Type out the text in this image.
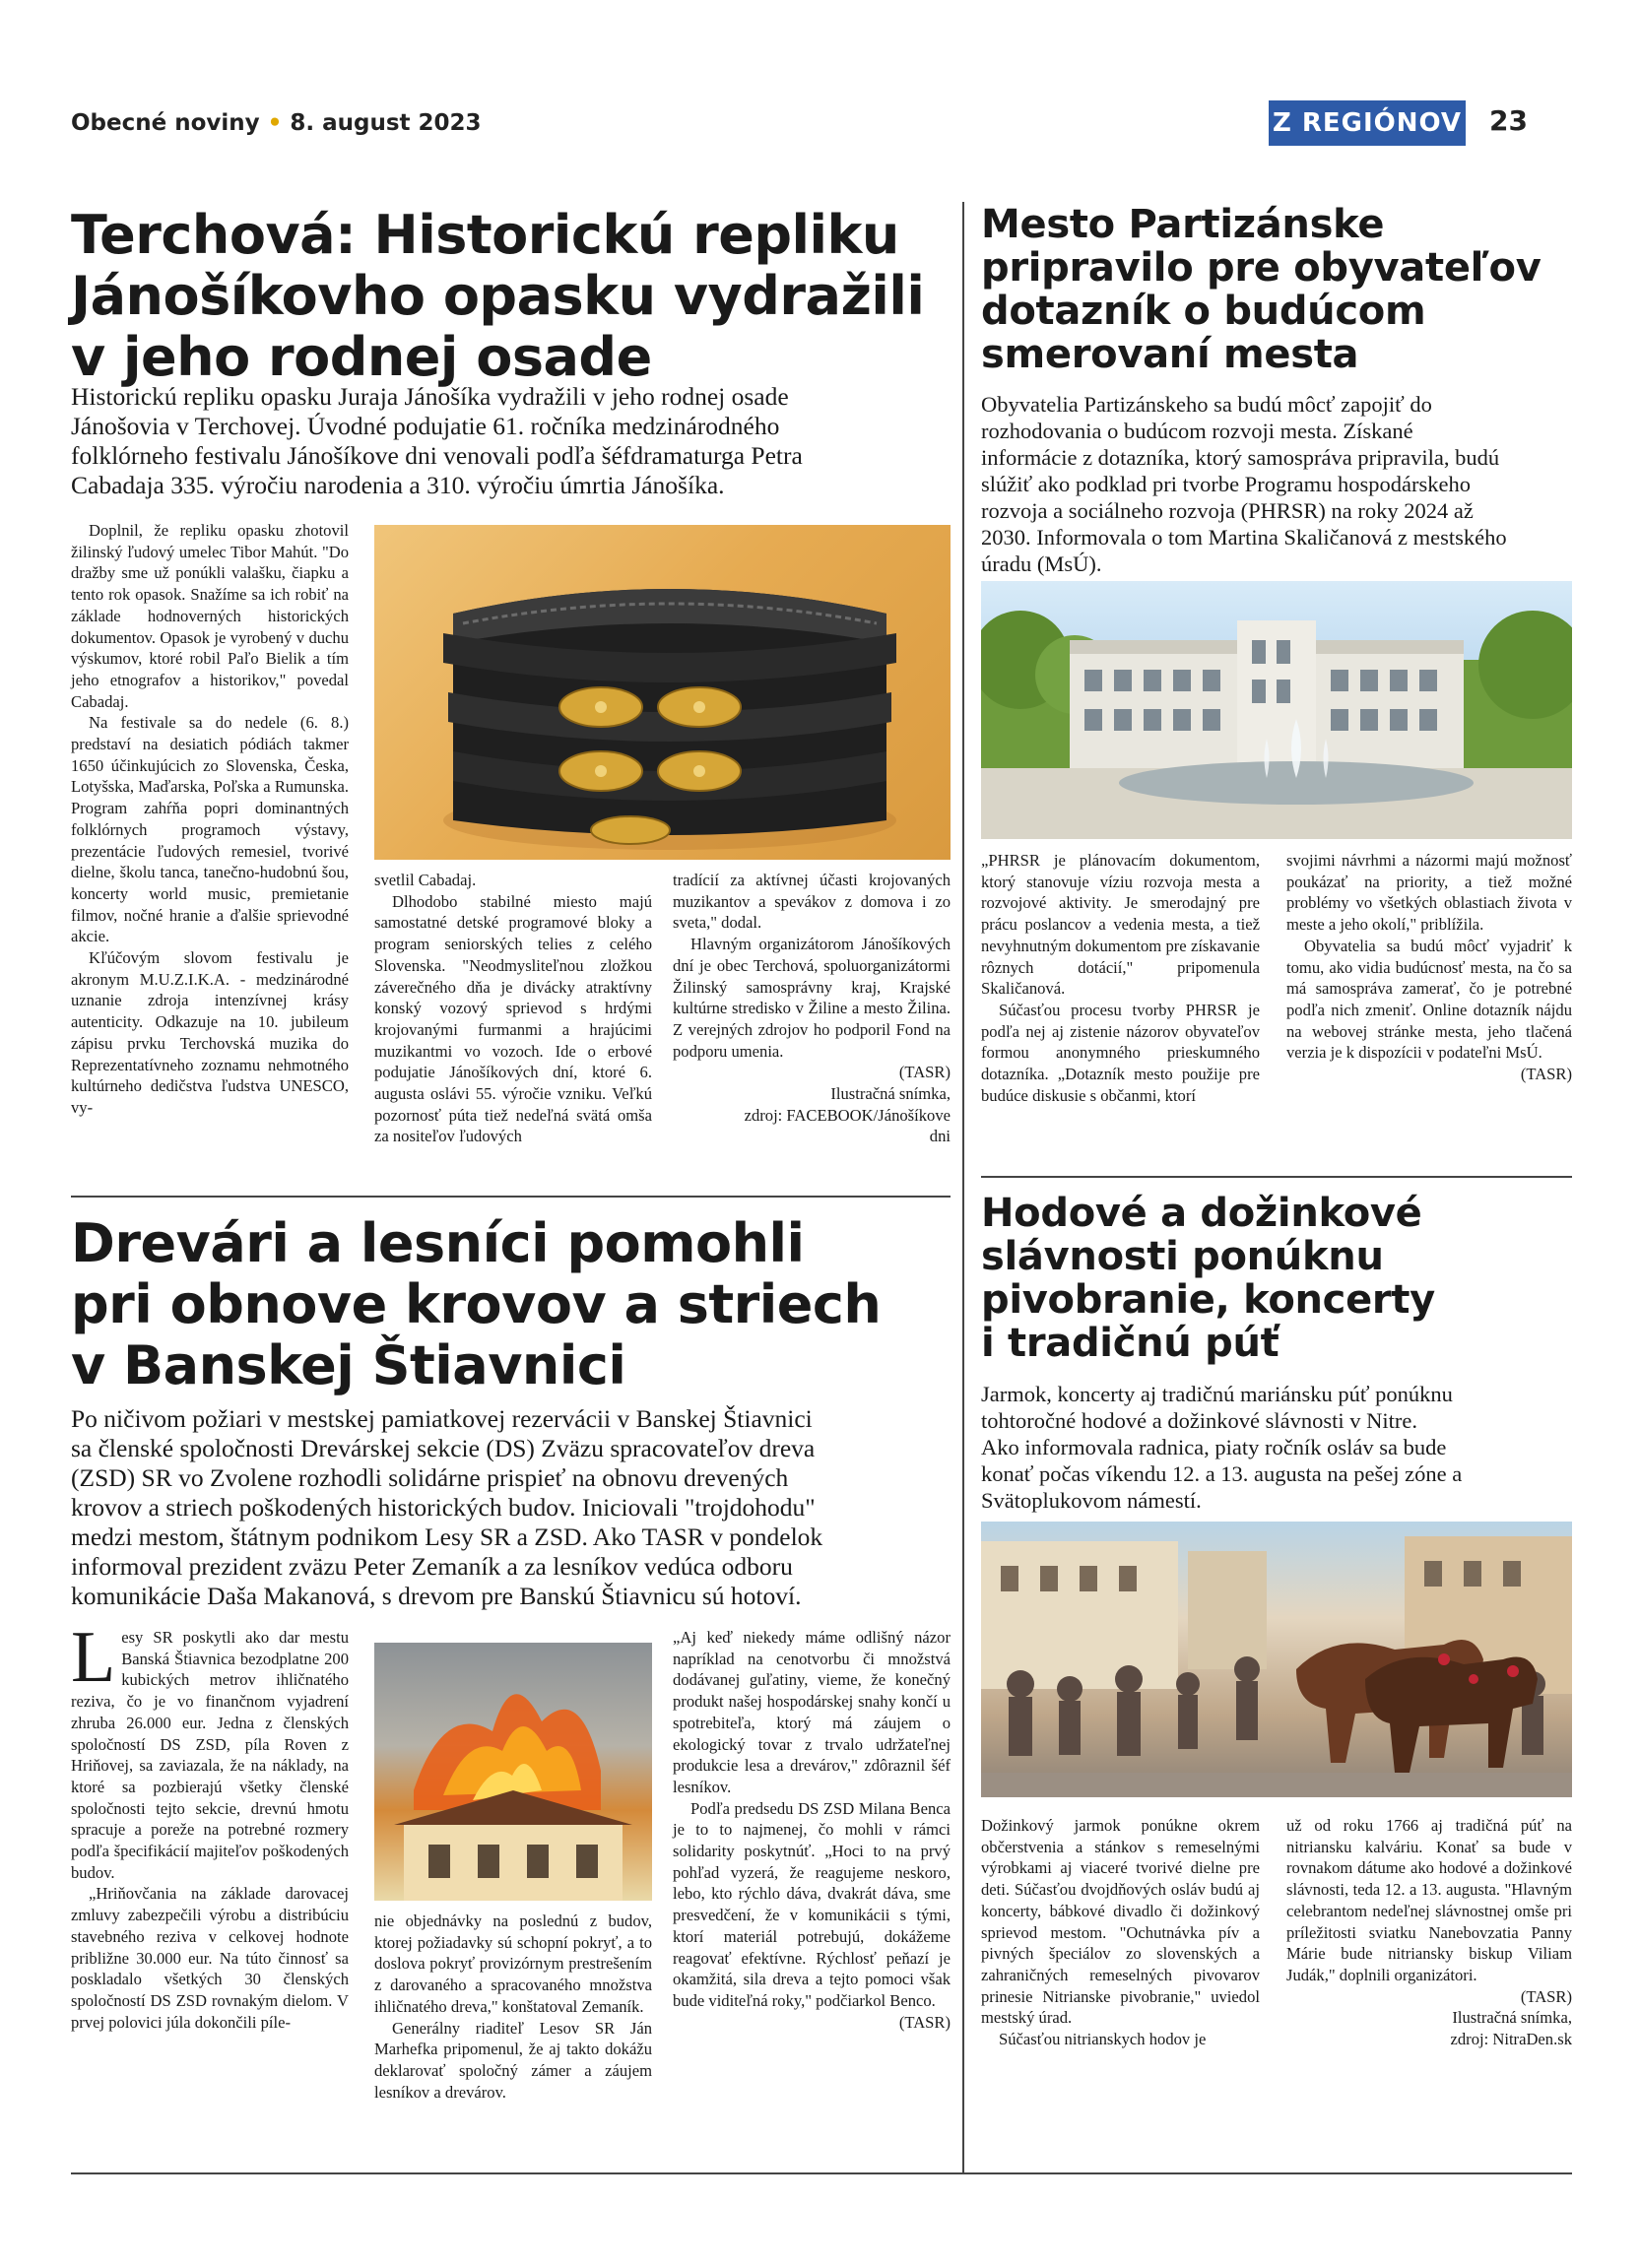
Obecné noviny • 8. august 2023	Z REGIÓNOV 23
Terchová: Historickú repliku
Jánošíkovho opasku vydražili
v jeho rodnej osade
Historickú repliku opasku Juraja Jánošíka vydražili v jeho rodnej osade
Jánošovia v Terchovej. Úvodné podujatie 61. ročníka medzinárodného
folklórneho festivalu Jánošíkove dni venovali podľa šéfdramaturga Petra
Cabadaja 335. výročiu narodenia a 310. výročiu úmrtia Jánošíka.

Doplnil, že repliku opasku zhotovil žilinský ľudový umelec Tibor Mahút. "Do dražby sme už ponúkli valašku, čiapku a tento rok opasok. Snažíme sa ich robiť na základe hodnoverných historických dokumentov. Opasok je vyrobený v duchu výskumov, ktoré robil Paľo Bielik a tím jeho etnografov a historikov," povedal Cabadaj.

Na festivale sa do nedele (6. 8.) predstaví na desiatich pódiách takmer 1650 účinkujúcich zo Slovenska, Česka, Lotyšska, Maďarska, Poľska a Rumunska. Program zahŕňa popri dominantných folklórnych programoch výstavy, prezentácie ľudových remesiel, tvorivé dielne, školu tanca, tanečno-hudobnú šou, koncerty world music, premietanie filmov, nočné hranie a ďalšie sprievodné akcie.

Kľúčovým slovom festivalu je akronym M.U.Z.I.K.A. - medzinárodné uznanie zdroja intenzívnej krásy autenticity. Odkazuje na 10. jubileum zápisu prvku Terchovská muzika do Reprezentatívneho zoznamu nehmotného kultúrneho dedičstva ľudstva UNESCO, vy-

svetlil Cabadaj.

Dlhodobo stabilné miesto majú samostatné detské programové bloky a program seniorských telies z celého Slovenska. "Neodmysliteľnou zložkou záverečného dňa je divácky atraktívny konský vozový sprievod s hrdými krojovanými furmanmi a hrajúcimi muzikantmi vo vozoch. Ide o erbové podujatie Jánošíkových dní, ktoré 6. augusta oslávi 55. výročie vzniku. Veľkú pozornosť púta tiež nedeľná svätá omša za nositeľov ľudových

tradícií za aktívnej účasti krojovaných muzikantov a spevákov z domova i zo sveta," dodal.

Hlavným organizátorom Jánošíkových dní je obec Terchová, spoluorganizátormi Žilinský samosprávny kraj, Krajské kultúrne stredisko v Žiline a mesto Žilina. Z verejných zdrojov ho podporil Fond na podporu umenia.

(TASR)

Ilustračná snímka,

zdroj: FACEBOOK/Jánošíkove

dni

Mesto Partizánske
pripravilo pre obyvateľov
dotazník o budúcom
smerovaní mesta
Obyvatelia Partizánskeho sa budú môcť zapojiť do
rozhodovania o budúcom rozvoji mesta. Získané
informácie z dotazníka, ktorý samospráva pripravila, budú
slúžiť ako podklad pri tvorbe Programu hospodárskeho
rozvoja a sociálneho rozvoja (PHRSR) na roky 2024 až
2030. Informovala o tom Martina Skaličanová z mestského
úradu (MsÚ).

„PHRSR je plánovacím dokumentom, ktorý stanovuje víziu rozvoja mesta a rozvojové aktivity. Je smerodajný pre prácu poslancov a vedenia mesta, a tiež nevyhnutným dokumentom pre získavanie rôznych dotácií," pripomenula Skaličanová.

Súčasťou procesu tvorby PHRSR je podľa nej aj zistenie názorov obyvateľov formou anonymného prieskumného dotazníka. „Dotazník mesto použije pre budúce diskusie s občanmi, ktorí

svojimi návrhmi a názormi majú možnosť poukázať na priority, a tiež možné problémy vo všetkých oblastiach života v meste a jeho okolí," priblížila.

Obyvatelia sa budú môcť vyjadriť k tomu, ako vidia budúcnosť mesta, na čo sa má samospráva zamerať, čo je potrebné podľa nich zmeniť. Online dotazník nájdu na webovej stránke mesta, jeho tlačená verzia je k dispozícii v podateľni MsÚ.

(TASR)

Drevári a lesníci pomohli
pri obnove krovov a striech
v Banskej Štiavnici
Po ničivom požiari v mestskej pamiatkovej rezervácii v Banskej Štiavnici
sa členské spoločnosti Drevárskej sekcie (DS) Zväzu spracovateľov dreva
(ZSD) SR vo Zvolene rozhodli solidárne prispieť na obnovu drevených
krovov a striech poškodených historických budov. Iniciovali "trojdohodu"
medzi mestom, štátnym podnikom Lesy SR a ZSD. Ako TASR v pondelok
informoval prezident zväzu Peter Zemaník a za lesníkov vedúca odboru
komunikácie Daša Makanová, s drevom pre Banskú Štiavnicu sú hotoví.

Lesy SR poskytli ako dar mestu Banská Štiavnica bezodplatne 200 kubických metrov ihličnatého reziva, čo je vo finančnom vyjadrení zhruba 26.000 eur. Jedna z členských spoločností DS ZSD, píla Roven z Hriňovej, sa zaviazala, že na náklady, na ktoré sa pozbierajú všetky členské spoločnosti tejto sekcie, drevnú hmotu spracuje a poreže na potrebné rozmery podľa špecifikácií majiteľov poškodených budov.

„Hriňovčania na základe darovacej zmluvy zabezpečili výrobu a distribúciu stavebného reziva v celkovej hodnote približne 30.000 eur. Na túto činnosť sa poskladalo všetkých 30 členských spoločností DS ZSD rovnakým dielom. V prvej polovici júla dokončili píle-

nie objednávky na poslednú z budov, ktorej požiadavky sú schopní pokryť, a to doslova pokryť provizórnym prestrešením z darovaného a spracovaného množstva ihličnatého dreva," konštatoval Zemaník.

Generálny riaditeľ Lesov SR Ján Marhefka pripomenul, že aj takto dokážu deklarovať spoločný zámer a záujem lesníkov a drevárov.

„Aj keď niekedy máme odlišný názor napríklad na cenotvorbu či množstvá dodávanej guľatiny, vieme, že konečný produkt našej hospodárskej snahy končí u spotrebiteľa, ktorý má záujem o ekologický tovar z trvalo udržateľnej produkcie lesa a drevárov," zdôraznil šéf lesníkov.

Podľa predsedu DS ZSD Milana Benca je to to najmenej, čo mohli v rámci solidarity poskytnúť. „Hoci to na prvý pohľad vyzerá, že reagujeme neskoro, lebo, kto rýchlo dáva, dvakrát dáva, sme presvedčení, že v komunikácii s tými, ktorí materiál potrebujú, dokážeme reagovať efektívne. Rýchlosť peňazí je okamžitá, sila dreva a tejto pomoci však bude viditeľná roky," podčiarkol Benco.

(TASR)

Hodové a dožinkové
slávnosti ponúknu
pivobranie, koncerty
i tradičnú púť
Jarmok, koncerty aj tradičnú mariánsku púť ponúknu
tohtoročné hodové a dožinkové slávnosti v Nitre.
Ako informovala radnica, piaty ročník osláv sa bude
konať počas víkendu 12. a 13. augusta na pešej zóne a
Svätoplukovom námestí.

Dožinkový jarmok ponúkne okrem občerstvenia a stánkov s remeselnými výrobkami aj viaceré tvorivé dielne pre deti. Súčasťou dvojdňových osláv budú aj koncerty, bábkové divadlo či dožinkový sprievod mestom. "Ochutnávka pív a pivných špeciálov zo slovenských a zahraničných remeselných pivovarov prinesie Nitrianske pivobranie," uviedol mestský úrad.

Súčasťou nitrianskych hodov je

už od roku 1766 aj tradičná púť na nitriansku kalváriu. Konať sa bude v rovnakom dátume ako hodové a dožinkové slávnosti, teda 12. a 13. augusta. "Hlavným celebrantom nedeľnej slávnostnej omše pri príležitosti sviatku Nanebovzatia Panny Márie bude nitriansky biskup Viliam Judák," doplnili organizátori.

(TASR)

Ilustračná snímka,

zdroj: NitraDen.sk
